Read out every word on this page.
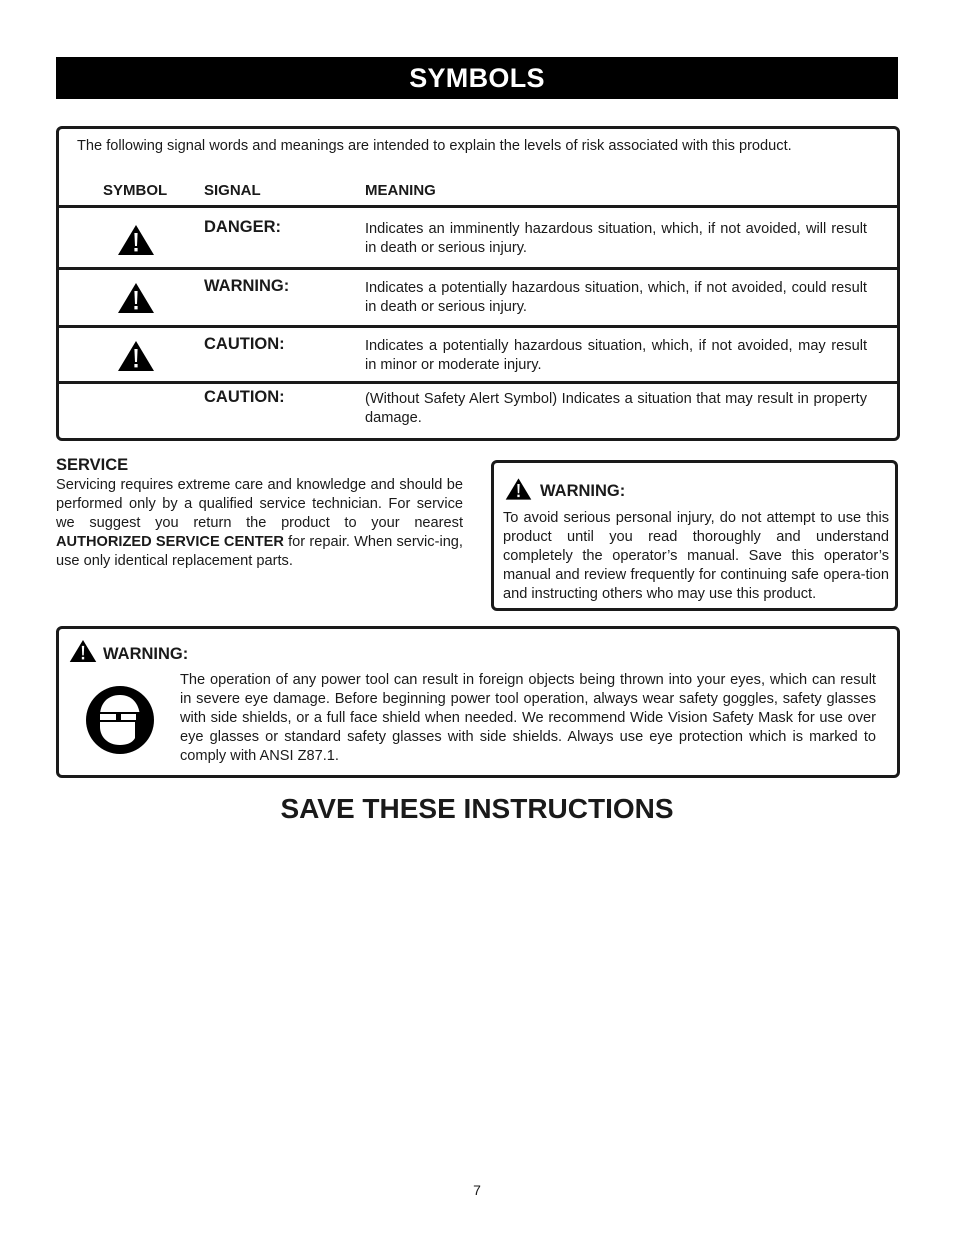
SYMBOLS
The following signal words and meanings are intended to explain the levels of risk associated with this product.
SYMBOL SIGNAL	MEANING
DANGER:	Indicates an imminently hazardous situation, which, if not avoided, will result in death or serious injury.
WARNING:	Indicates a potentially hazardous situation, which, if not avoided, could result in death or serious injury.
CAUTION:	Indicates a potentially hazardous situation, which, if not avoided, may result in minor or moderate injury.
CAUTION:	(Without Safety Alert Symbol) Indicates a situation that may result in property damage.
SERVICE
Servicing requires extreme care and knowledge and should be performed only by a qualified service technician. For service we suggest you return the product to your nearest AUTHORIZED SERVICE CENTER for repair. When servic-ing, use only identical replacement parts.
WARNING:
To avoid serious personal injury, do not attempt to use this product until you read thoroughly and understand completely the operator’s manual. Save this operator’s manual and review frequently for continuing safe opera-tion and instructing others who may use this product.
WARNING:
The operation of any power tool can result in foreign objects being thrown into your eyes, which can result in severe eye damage. Before beginning power tool operation, always wear safety goggles, safety glasses with side shields, or a full face shield when needed. We recommend Wide Vision Safety Mask for use over eye glasses or standard safety glasses with side shields. Always use eye protection which is marked to comply with ANSI Z87.1.
SAVE THESE INSTRUCTIONS
7
